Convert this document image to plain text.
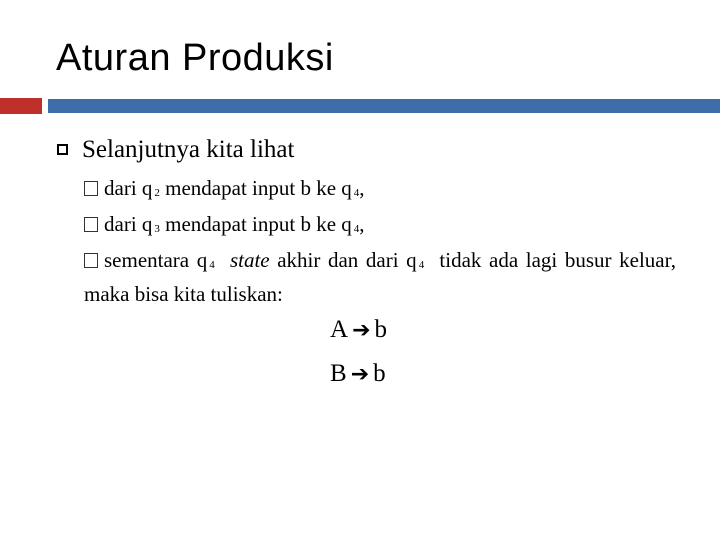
Aturan Produksi
Selanjutnya kita lihat
dari q 2 mendapat input b ke q 4,
dari q 3 mendapat input b ke q 4,
sementara q 4 state akhir dan dari q 4 tidak ada lagi busur keluar, maka bisa kita tuliskan:
A ➔ b
B ➔ b
